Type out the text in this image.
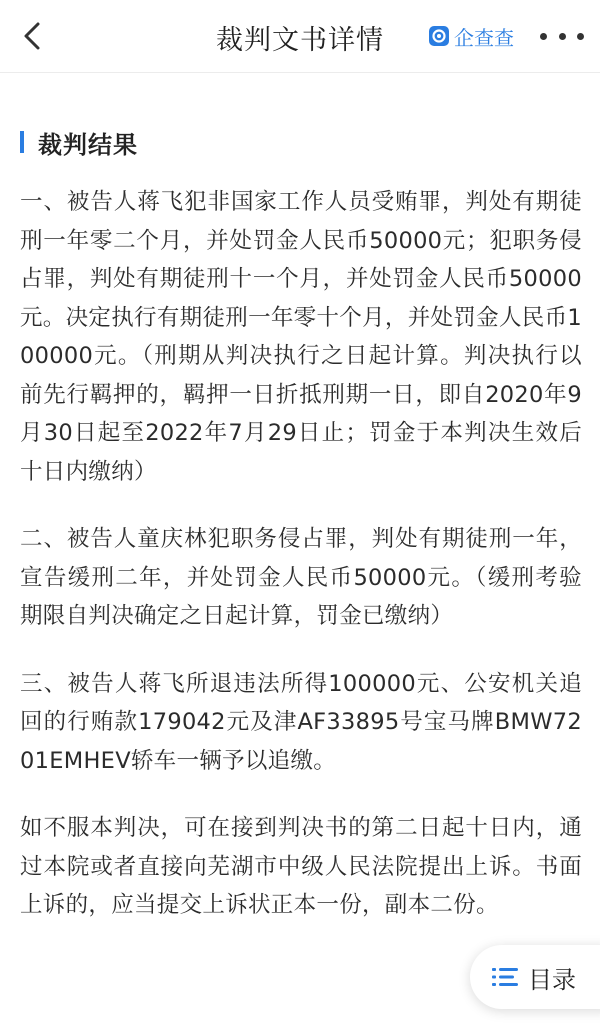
裁判文书详情	企查查
裁判结果

一、被告人蒋飞犯非国家工作人员受贿罪，判处有期徒刑一年零二个月，并处罚金人民币50000元；犯职务侵占罪，判处有期徒刑十一个月，并处罚金人民币50000元。决定执行有期徒刑一年零十个月，并处罚金人民币100000元。（刑期从判决执行之日起计算。判决执行以前先行羁押的，羁押一日折抵刑期一日，即自2020年9月30日起至2022年7月29日止；罚金于本判决生效后十日内缴纳）

二、被告人童庆林犯职务侵占罪，判处有期徒刑一年，宣告缓刑二年，并处罚金人民币50000元。（缓刑考验期限自判决确定之日起计算，罚金已缴纳）

三、被告人蒋飞所退违法所得100000元、公安机关追回的行贿款179042元及津AF33895号宝马牌BMW7201EMHEV轿车一辆予以追缴。

如不服本判决，可在接到判决书的第二日起十日内，通过本院或者直接向芜湖市中级人民法院提出上诉。书面上诉的，应当提交上诉状正本一份，副本二份。

目录
